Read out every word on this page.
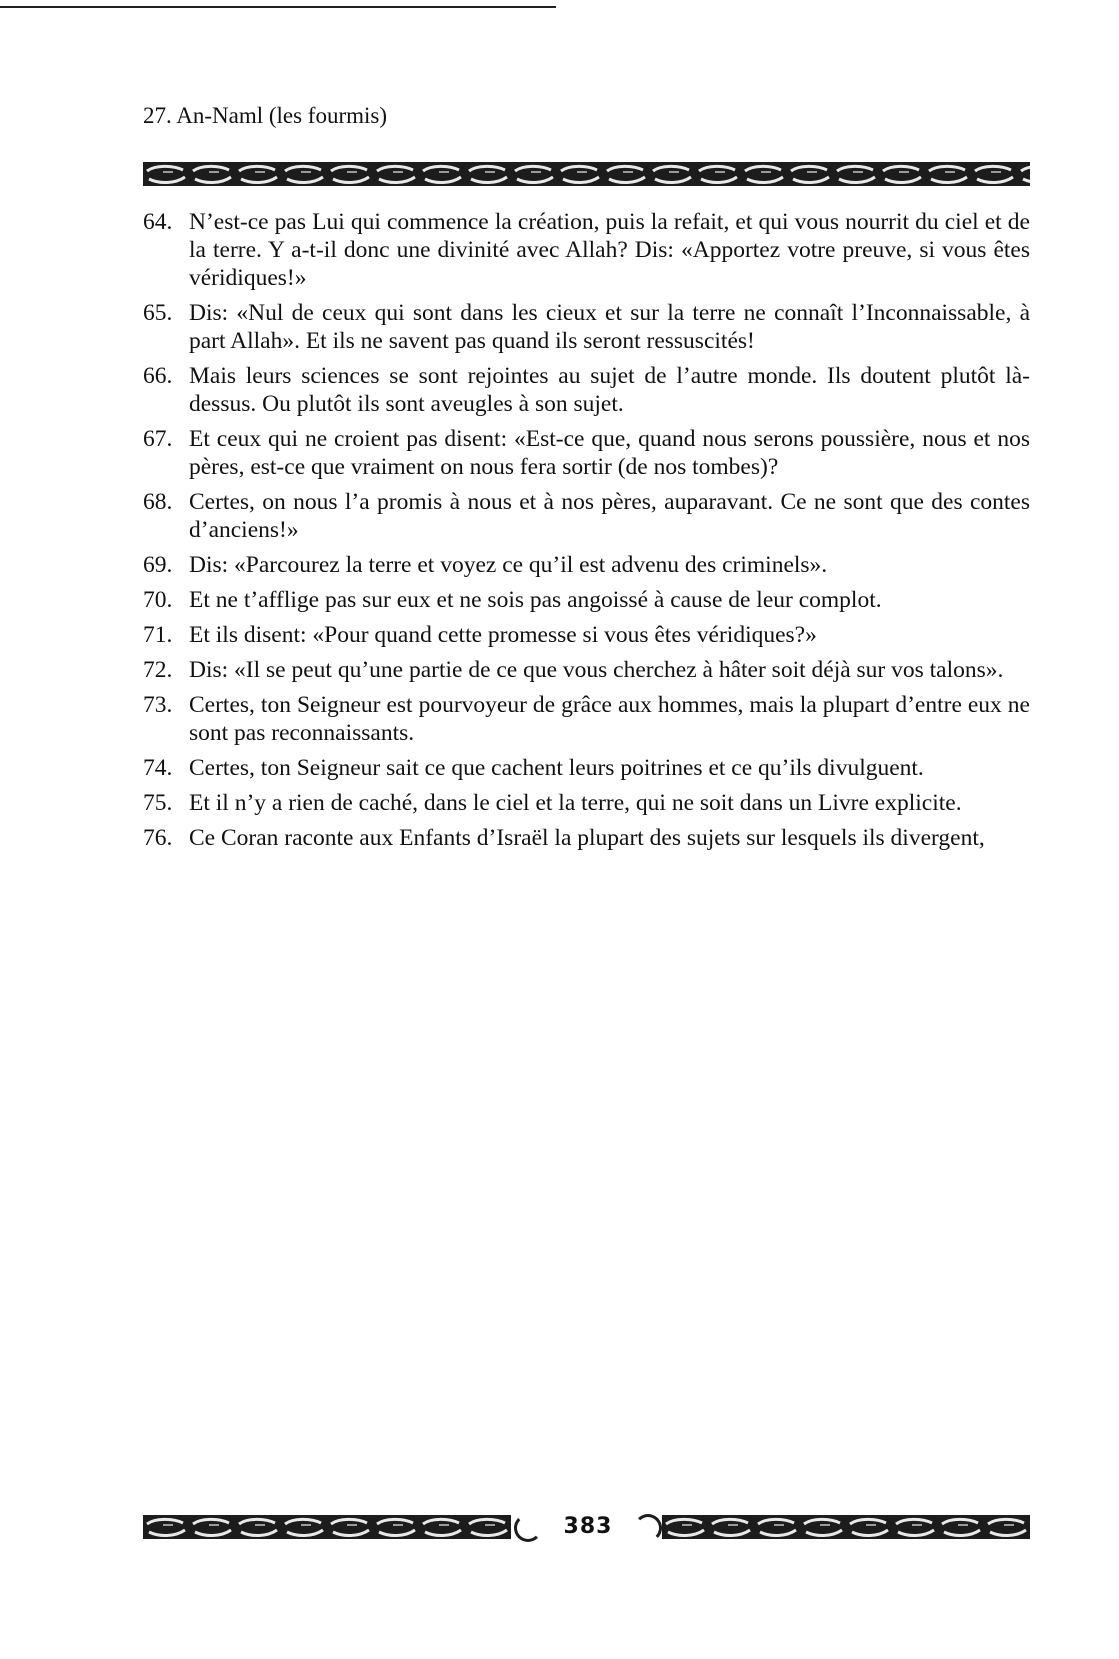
27. An-Naml (les fourmis)
64. N’est-ce pas Lui qui commence la création, puis la refait, et qui vous nourrit du ciel et de la terre. Y a-t-il donc une divinité avec Allah? Dis: «Apportez votre preuve, si vous êtes véridiques!»
65. Dis: «Nul de ceux qui sont dans les cieux et sur la terre ne connaît l’Inconnaissable, à part Allah». Et ils ne savent pas quand ils seront ressuscités!
66. Mais leurs sciences se sont rejointes au sujet de l’autre monde. Ils doutent plutôt là-dessus. Ou plutôt ils sont aveugles à son sujet.
67. Et ceux qui ne croient pas disent: «Est-ce que, quand nous serons poussière, nous et nos pères, est-ce que vraiment on nous fera sortir (de nos tombes)?
68. Certes, on nous l’a promis à nous et à nos pères, auparavant. Ce ne sont que des contes d’anciens!»
69. Dis: «Parcourez la terre et voyez ce qu’il est advenu des criminels».
70. Et ne t’afflige pas sur eux et ne sois pas angoissé à cause de leur complot.
71. Et ils disent: «Pour quand cette promesse si vous êtes véridiques?»
72. Dis: «Il se peut qu’une partie de ce que vous cherchez à hâter soit déjà sur vos talons».
73. Certes, ton Seigneur est pourvoyeur de grâce aux hommes, mais la plupart d’entre eux ne sont pas reconnaissants.
74. Certes, ton Seigneur sait ce que cachent leurs poitrines et ce qu’ils divulguent.
75. Et il n’y a rien de caché, dans le ciel et la terre, qui ne soit dans un Livre explicite.
76. Ce Coran raconte aux Enfants d’Israël la plupart des sujets sur lesquels ils divergent,
383
